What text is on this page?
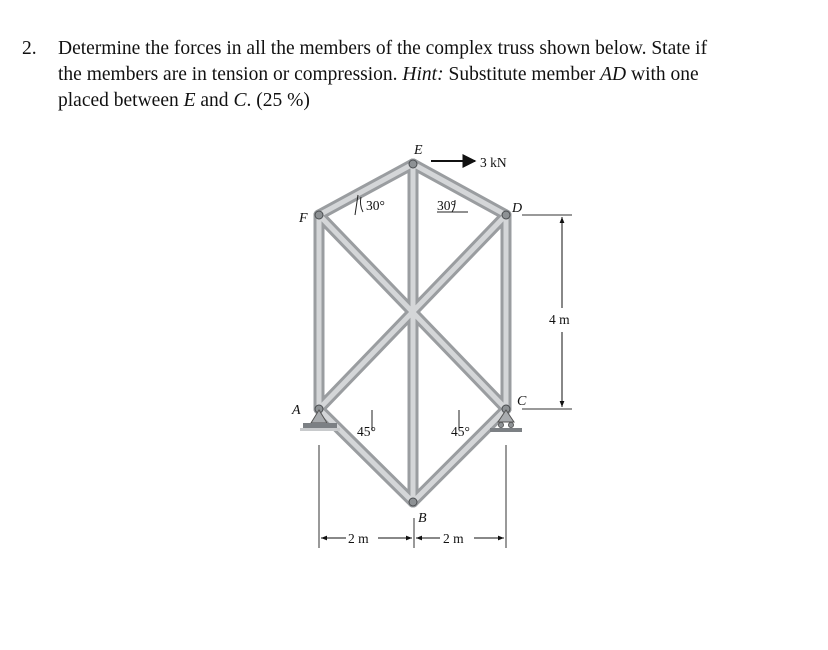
2. Determine the forces in all the members of the complex truss shown below. State if
the members are in tension or compression. Hint: Substitute member AD with one
placed between E and C. (25 %)
E
F
D
A
C
B
3 kN
30°	30°
45°	45°
4 m
2 m	2 m
